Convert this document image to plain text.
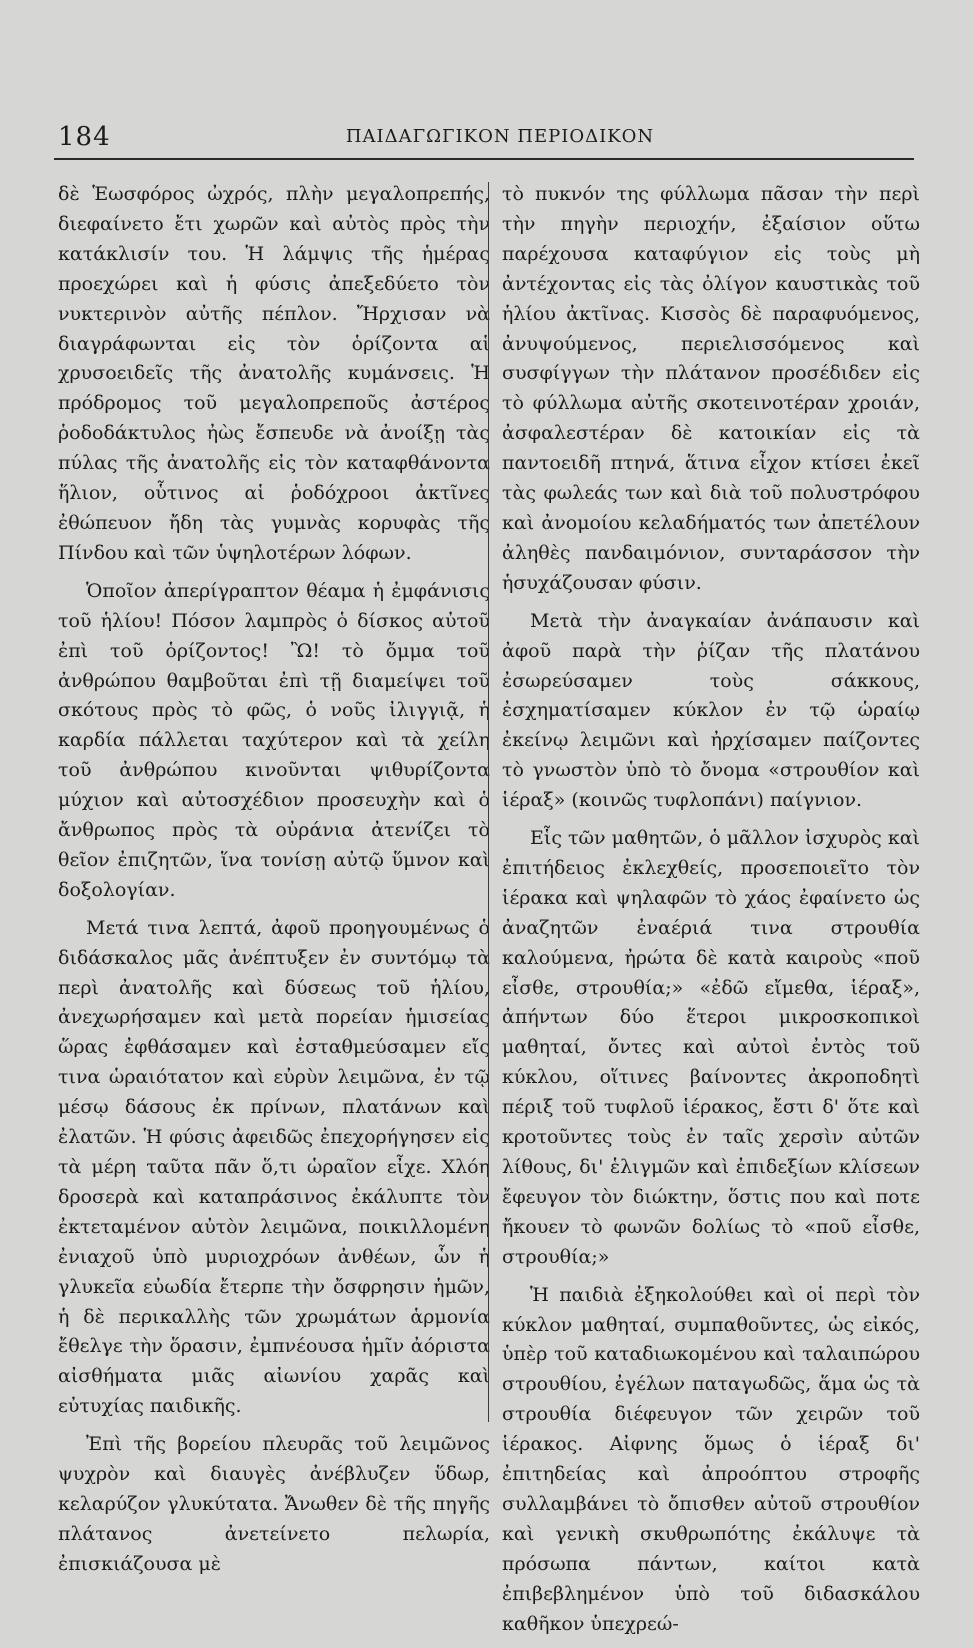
184	ΠΑΙΔΑΓΩΓΙΚΟΝ ΠΕΡΙΟΔΙΚΟΝ

δὲ Ἑωσφόρος ὠχρός, πλὴν μεγαλοπρεπής, διεφαίνετο ἔτι χωρῶν καὶ αὐτὸς πρὸς τὴν κατάκλισίν του. Ἡ λάμψις τῆς ἡμέρας προεχώρει καὶ ἡ φύσις ἀπεξεδύετο τὸν νυκτερινὸν αὐτῆς πέπλον. Ἤρχισαν νὰ διαγράφωνται εἰς τὸν ὁρίζοντα αἱ χρυσοειδεῖς τῆς ἀνατολῆς κυμάνσεις. Ἡ πρόδρομος τοῦ μεγαλοπρεποῦς ἀστέρος ῥοδοδάκτυλος ἠὼς ἔσπευδε νὰ ἀνοίξῃ τὰς πύλας τῆς ἀνατολῆς εἰς τὸν καταφθάνοντα ἥλιον, οὗτινος αἱ ῥοδόχροοι ἀκτῖνες ἐθώπευον ἤδη τὰς γυμνὰς κορυφὰς τῆς Πίνδου καὶ τῶν ὑψηλοτέρων λόφων.

Ὁποῖον ἀπερίγραπτον θέαμα ἡ ἐμφάνισις τοῦ ἡλίου! Πόσον λαμπρὸς ὁ δίσκος αὐτοῦ ἐπὶ τοῦ ὁρίζοντος! Ὢ! τὸ ὄμμα τοῦ ἀνθρώπου θαμβοῦται ἐπὶ τῇ διαμείψει τοῦ σκότους πρὸς τὸ φῶς, ὁ νοῦς ἰλιγγιᾷ, ἡ καρδία πάλλεται ταχύτερον καὶ τὰ χείλη τοῦ ἀνθρώπου κινοῦνται ψιθυρίζοντα μύχιον καὶ αὐτοσχέδιον προσευχὴν καὶ ὁ ἄνθρωπος πρὸς τὰ οὐράνια ἀτενίζει τὸ θεῖον ἐπιζητῶν, ἵνα τονίσῃ αὐτῷ ὕμνον καὶ δοξολογίαν.

Μετά τινα λεπτά, ἀφοῦ προηγουμένως ὁ διδάσκαλος μᾶς ἀνέπτυξεν ἐν συντόμῳ τὰ περὶ ἀνατολῆς καὶ δύσεως τοῦ ἡλίου, ἀνεχωρήσαμεν καὶ μετὰ πορείαν ἡμισείας ὥρας ἐφθάσαμεν καὶ ἐσταθμεύσαμεν εἴς τινα ὡραιότατον καὶ εὐρὺν λειμῶνα, ἐν τῷ μέσῳ δάσους ἐκ πρίνων, πλατάνων καὶ ἐλατῶν. Ἡ φύσις ἀφειδῶς ἐπεχορήγησεν εἰς τὰ μέρη ταῦτα πᾶν ὅ,τι ὡραῖον εἶχε. Χλόη δροσερὰ καὶ καταπράσινος ἐκάλυπτε τὸν ἐκτεταμένον αὐτὸν λειμῶνα, ποικιλλομένη ἐνιαχοῦ ὑπὸ μυριοχρόων ἀνθέων, ὧν ἡ γλυκεῖα εὐωδία ἔτερπε τὴν ὄσφρησιν ἡμῶν, ἡ δὲ περικαλλὴς τῶν χρωμάτων ἁρμονία ἔθελγε τὴν ὅρασιν, ἐμπνέουσα ἡμῖν ἀόριστα αἰσθήματα μιᾶς αἰωνίου χαρᾶς καὶ εὐτυχίας παιδικῆς.

Ἐπὶ τῆς βορείου πλευρᾶς τοῦ λειμῶνος ψυχρὸν καὶ διαυγὲς ἀνέβλυζεν ὕδωρ, κελαρύζον γλυκύτατα. Ἄνωθεν δὲ τῆς πηγῆς πλάτανος ἀνετείνετο πελωρία, ἐπισκιάζουσα μὲ

τὸ πυκνόν της φύλλωμα πᾶσαν τὴν περὶ τὴν πηγὴν περιοχήν, ἐξαίσιον οὕτω παρέχουσα καταφύγιον εἰς τοὺς μὴ ἀντέχοντας εἰς τὰς ὀλίγον καυστικὰς τοῦ ἡλίου ἀκτῖνας. Κισσὸς δὲ παραφυόμενος, ἀνυψούμενος, περιελισσόμενος καὶ συσφίγγων τὴν πλάτανον προσέδιδεν εἰς τὸ φύλλωμα αὐτῆς σκοτεινοτέραν χροιάν, ἀσφαλεστέραν δὲ κατοικίαν εἰς τὰ παντοειδῆ πτηνά, ἅτινα εἶχον κτίσει ἐκεῖ τὰς φωλεάς των καὶ διὰ τοῦ πολυστρόφου καὶ ἀνομοίου κελαδήματός των ἀπετέλουν ἀληθὲς πανδαιμόνιον, συνταράσσον τὴν ἡσυχάζουσαν φύσιν.

Μετὰ τὴν ἀναγκαίαν ἀνάπαυσιν καὶ ἀφοῦ παρὰ τὴν ῥίζαν τῆς πλατάνου ἐσωρεύσαμεν τοὺς σάκκους, ἐσχηματίσαμεν κύκλον ἐν τῷ ὡραίῳ ἐκείνῳ λειμῶνι καὶ ἠρχίσαμεν παίζοντες τὸ γνωστὸν ὑπὸ τὸ ὄνομα «στρουθίον καὶ ἱέραξ» (κοινῶς τυφλοπάνι) παίγνιον.

Εἷς τῶν μαθητῶν, ὁ μᾶλλον ἰσχυρὸς καὶ ἐπιτήδειος ἐκλεχθείς, προσεποιεῖτο τὸν ἱέρακα καὶ ψηλαφῶν τὸ χάος ἐφαίνετο ὡς ἀναζητῶν ἐναέριά τινα στρουθία καλούμενα, ἠρώτα δὲ κατὰ καιροὺς «ποῦ εἶσθε, στρουθία;» «ἐδῶ εἴμεθα, ἱέραξ», ἀπήντων δύο ἕτεροι μικροσκοπικοὶ μαθηταί, ὄντες καὶ αὐτοὶ ἐντὸς τοῦ κύκλου, οἵτινες βαίνοντες ἀκροποδητὶ πέριξ τοῦ τυφλοῦ ἱέρακος, ἔστι δ' ὅτε καὶ κροτοῦντες τοὺς ἐν ταῖς χερσὶν αὐτῶν λίθους, δι' ἑλιγμῶν καὶ ἐπιδεξίων κλίσεων ἔφευγον τὸν διώκτην, ὅστις που καὶ ποτε ἤκουεν τὸ φωνῶν δολίως τὸ «ποῦ εἶσθε, στρουθία;»

Ἡ παιδιὰ ἐξηκολούθει καὶ οἱ περὶ τὸν κύκλον μαθηταί, συμπαθοῦντες, ὡς εἰκός, ὑπὲρ τοῦ καταδιωκομένου καὶ ταλαιπώρου στρουθίου, ἐγέλων παταγωδῶς, ἅμα ὡς τὰ στρουθία διέφευγον τῶν χειρῶν τοῦ ἱέρακος. Αἰφνης ὅμως ὁ ἱέραξ δι' ἐπιτηδείας καὶ ἀπροόπτου στροφῆς συλλαμβάνει τὸ ὄπισθεν αὐτοῦ στρουθίον καὶ γενικὴ σκυθρωπότης ἐκάλυψε τὰ πρόσωπα πάντων, καίτοι κατὰ ἐπιβεβλημένον ὑπὸ τοῦ διδασκάλου καθῆκον ὑπεχρεώ-
